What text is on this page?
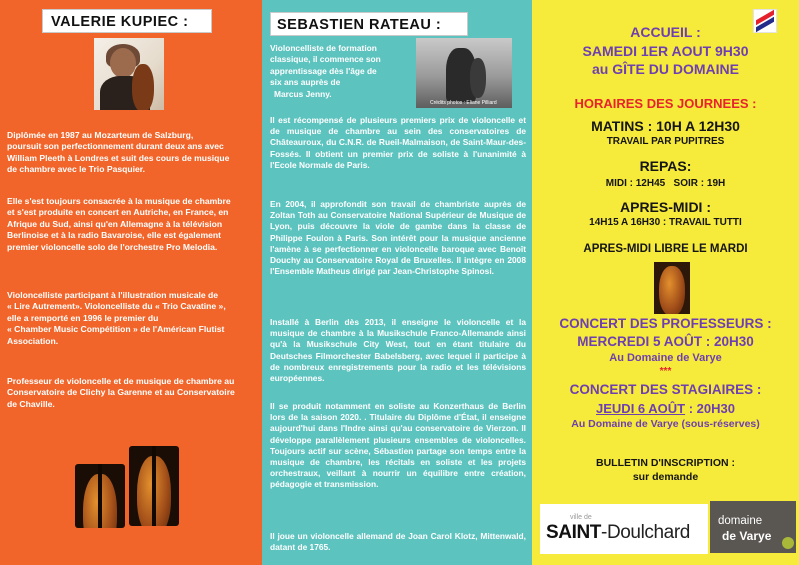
VALERIE KUPIEC :
Diplômée en 1987 au Mozarteum de Salzburg,
poursuit son perfectionnement durant deux ans avec
William Pleeth à Londres et suit des cours de musique
de chambre avec le Trio Pasquier.
Elle s'est toujours consacrée à la musique de chambre
et s'est produite en concert en Autriche, en France, en
Afrique du Sud, ainsi qu'en Allemagne à la télévision
Berlinoise et à la radio Bavaroise, elle est également
premier violoncelle solo de l'orchestre Pro Melodia.
Violoncelliste participant à l'illustration musicale de
« Lire Autrement». Violoncelliste du « Trio Cavatine »,
elle a remporté en 1996 le premier du
« Chamber Music Compétition » de l'Américan Flutist
Association.
Professeur de violoncelle et de musique de chambre au
Conservatoire de Clichy la Garenne et au Conservatoire
de Chaville.
SEBASTIEN RATEAU :
Crédits photos : Eliane Pilliard
Violoncelliste de formation
classique, il commence son
apprentissage dès l'âge de
six ans auprès de
Marcus Jenny.
Il est récompensé de plusieurs premiers prix de violoncelle et de musique de chambre au sein des conservatoires de Châteauroux, du C.N.R. de Rueil-Malmaison, de Saint-Maur-des-Fossés. Il obtient un premier prix de soliste à l'unanimité à l'Ecole Normale de Paris.
En 2004, il approfondit son travail de chambriste auprès de Zoltan Toth au Conservatoire National Supérieur de Musique de Lyon, puis découvre la viole de gambe dans la classe de Philippe Foulon à Paris. Son intérêt pour la musique ancienne l'amène à se perfectionner en violoncelle baroque avec Benoît Douchy au Conservatoire Royal de Bruxelles. Il intègre en 2008 l'Ensemble Matheus dirigé par Jean-Christophe Spinosi.
Installé à Berlin dès 2013, il enseigne le violoncelle et la musique de chambre à la Musikschule Franco-Allemande ainsi qu'à la Musikschule City West, tout en étant titulaire du Deutsches Filmorchester Babelsberg, avec lequel il participe à de nombreux enregistrements pour la radio et les télévisions européennes.
Il se produit notamment en soliste au Konzerthaus de Berlin lors de la saison 2020. . Titulaire du Diplôme d'État, il enseigne aujourd'hui dans l'Indre ainsi qu'au conservatoire de Vierzon. Il développe parallèlement plusieurs ensembles de violoncelles. Toujours actif sur scène, Sébastien partage son temps entre la musique de chambre, les récitals en soliste et les projets orchestraux, veillant à nourrir un équilibre entre création, pédagogie et transmission.
Il joue un violoncelle allemand de Joan Carol Klotz, Mittenwald, datant de 1765.
ACCUEIL :
SAMEDI 1ER AOUT 9H30
au GÎTE DU DOMAINE
HORAIRES DES JOURNEES :
MATINS : 10H A 12H30
TRAVAIL PAR PUPITRES
REPAS:
MIDI : 12H45   SOIR : 19H
APRES-MIDI :
14H15 A 16H30 : TRAVAIL TUTTI
APRES-MIDI LIBRE LE MARDI
CONCERT DES PROFESSEURS :
MERCREDI 5 AOÛT : 20H30
Au Domaine de Varye
***
CONCERT DES STAGIAIRES :
JEUDI 6 AOÛT : 20H30
Au Domaine de Varye (sous-réserves)
BULLETIN D'INSCRIPTION :
sur demande
ville de
SAINT-Doulchard
domaine
de Varye
